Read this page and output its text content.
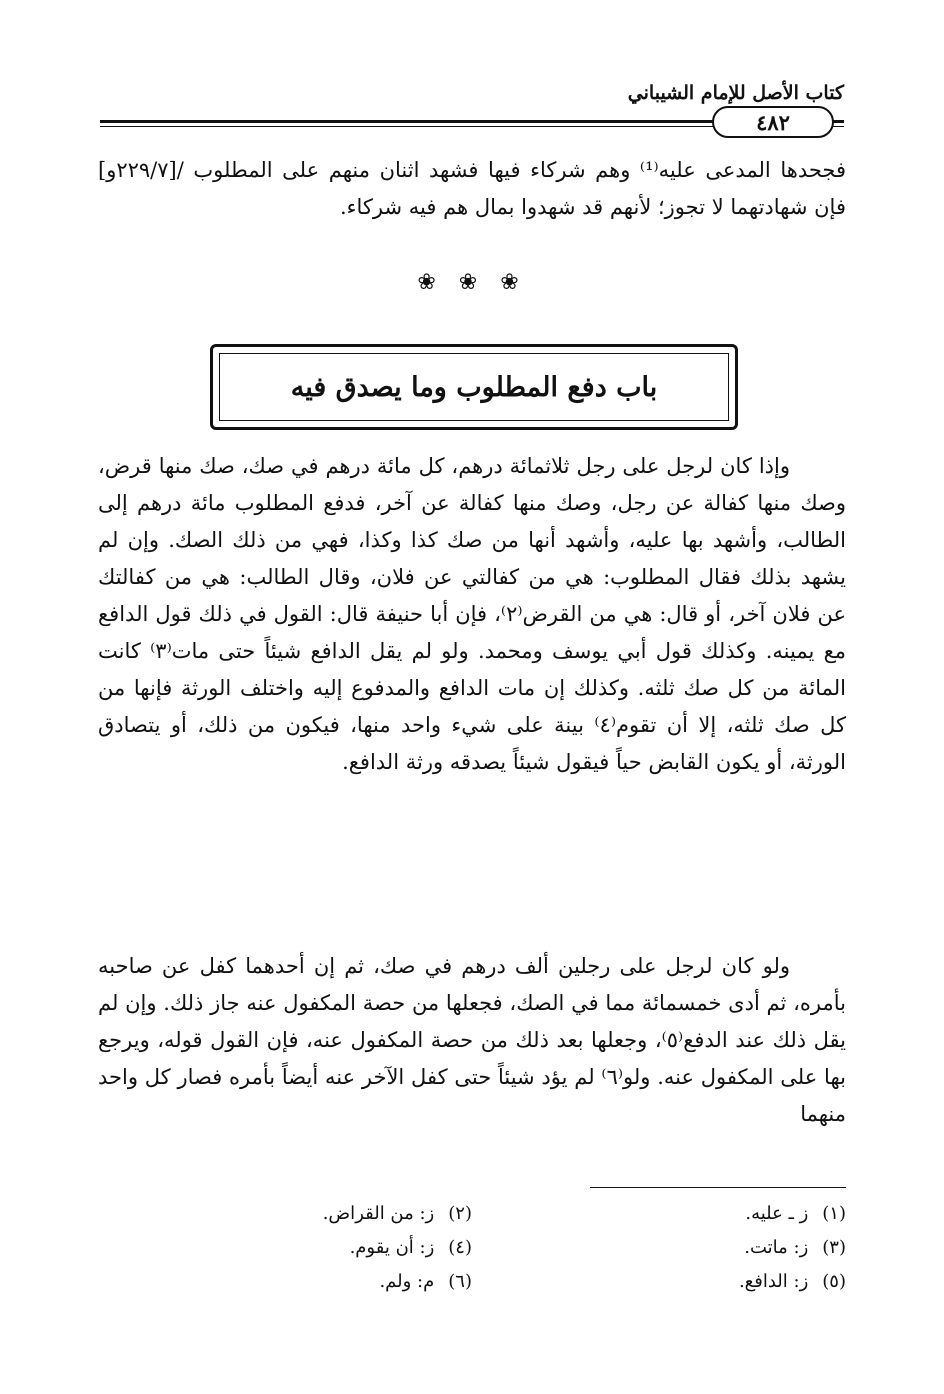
كتاب الأصل للإمام الشيباني
٤٨٢

فجحدها المدعى عليه⁽¹⁾ وهم شركاء فيها فشهد اثنان منهم على المطلوب /[٢٢٩/٧و] فإن شهادتهما لا تجوز؛ لأنهم قد شهدوا بمال هم فيه شركاء.

❀ ❀ ❀
باب دفع المطلوب وما يصدق فيه

وإذا كان لرجل على رجل ثلاثمائة درهم، كل مائة درهم في صك، صك منها قرض، وصك منها كفالة عن رجل، وصك منها كفالة عن آخر، فدفع المطلوب مائة درهم إلى الطالب، وأشهد بها عليه، وأشهد أنها من صك كذا وكذا، فهي من ذلك الصك. وإن لم يشهد بذلك فقال المطلوب: هي من كفالتي عن فلان، وقال الطالب: هي من كفالتك عن فلان آخر، أو قال: هي من القرض⁽٢⁾، فإن أبا حنيفة قال: القول في ذلك قول الدافع مع يمينه. وكذلك قول أبي يوسف ومحمد. ولو لم يقل الدافع شيئاً حتى مات⁽٣⁾ كانت المائة من كل صك ثلثه. وكذلك إن مات الدافع والمدفوع إليه واختلف الورثة فإنها من كل صك ثلثه، إلا أن تقوم⁽٤⁾ بينة على شيء واحد منها، فيكون من ذلك، أو يتصادق الورثة، أو يكون القابض حياً فيقول شيئاً يصدقه ورثة الدافع.

ولو كان لرجل على رجلين ألف درهم في صك، ثم إن أحدهما كفل عن صاحبه بأمره، ثم أدى خمسمائة مما في الصك، فجعلها من حصة المكفول عنه جاز ذلك. وإن لم يقل ذلك عند الدفع⁽٥⁾، وجعلها بعد ذلك من حصة المكفول عنه، فإن القول قوله، ويرجع بها على المكفول عنه. ولو⁽٦⁾ لم يؤد شيئاً حتى كفل الآخر عنه أيضاً بأمره فصار كل واحد منهما

(١)ز ـ عليه.
(٢)ز: من القراض.
(٣)ز: ماتت.
(٤)ز: أن يقوم.
(٥)ز: الدافع.
(٦)م: ولم.
